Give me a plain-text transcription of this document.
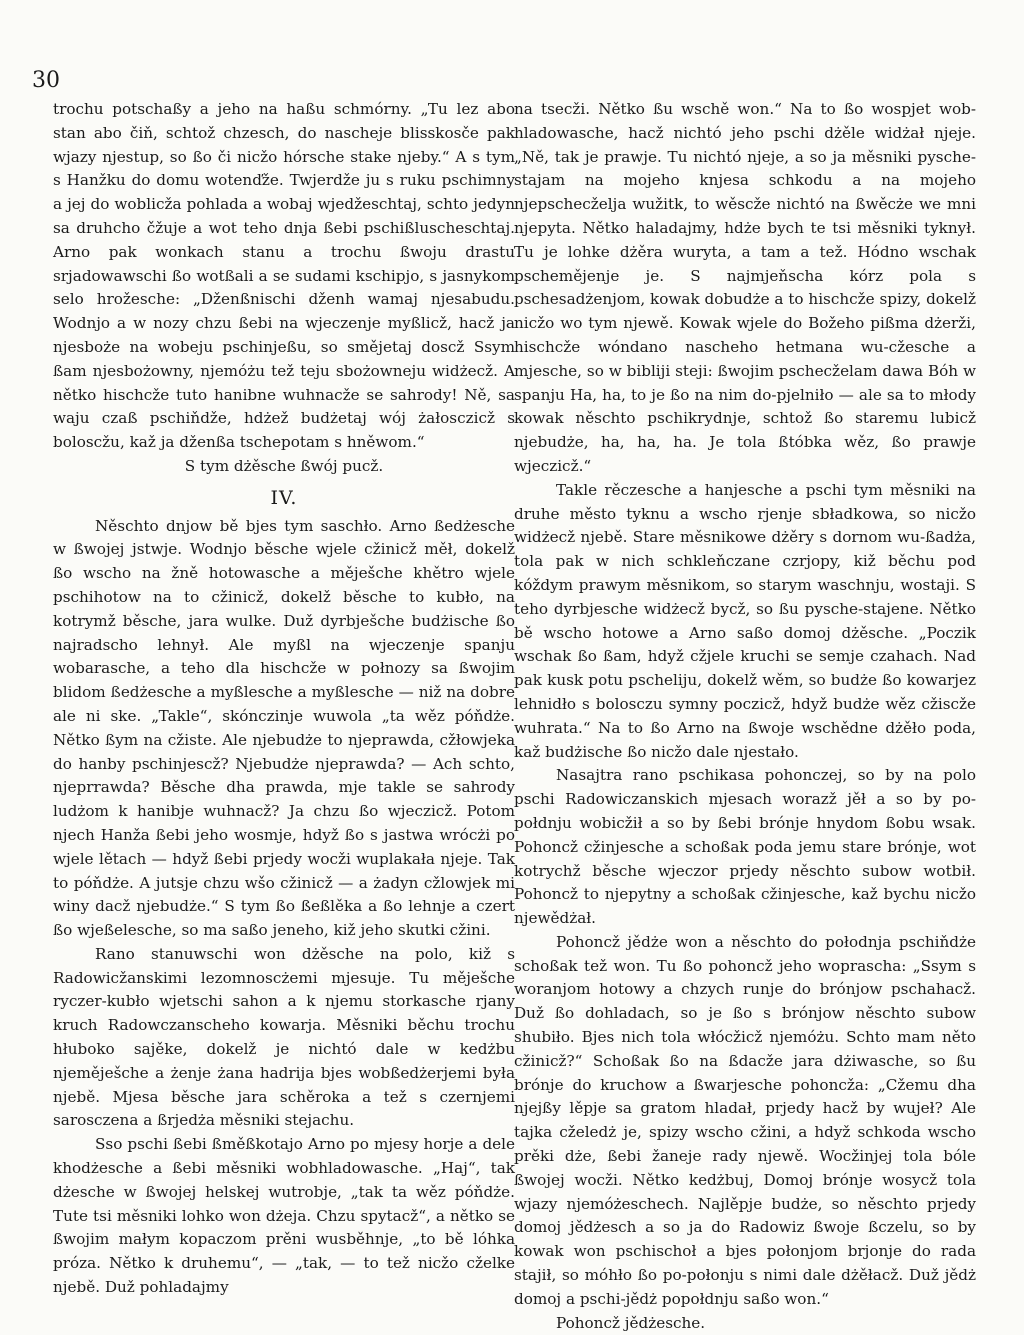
30

trochu potschaßy a jeho na haßu schmórny. „Tu lez abo stan abo čiň, schtož chzesch, do nascheje blisskosče pak wjazy njestup, so ßo či nicžo hórsche stake njeby.“ A s tym s Hanžku do domu wotenďže. Twjerdže ju s ruku pschimny a jej do woblicža pohlada a wobaj wjedžeschtaj, schto jedyn sa druhcho čžuje a wot teho dnja ßebi pschißluscheschtaj. Arno pak wonkach stanu a trochu ßwoju drastu srjadowawschi ßo wotßali a se sudami kschipjo, s jasnykom selo hrožesche: „Dženßnischi dženh wamaj njesabudu. Wodnjo a w nozy chzu ßebi na wjeczenje myßlicž, hacž ja njesboże na wobeju pschinjeßu, so smějetaj doscž Ssym ßam njesbożowny, njemóżu tež teju sbożowneju widżecž. A nětko hischcže tuto hanibne wuhnacže se sahrody! Ně, sa waju czaß pschiňdže, hdżež budżetaj wój żałosczicž s boloscžu, kaž ja dženßa tschepotam s hněwom.“

S tym dżěsche ßwój pucž.

IV.

Něschto dnjow bě bjes tym saschło. Arno ßedżesche w ßwojej jstwje. Wodnjo běsche wjele cžinicž měł, dokelž ßo wscho na žně hotowasche a měješche khětro wjele pschihotow na to cžinicž, dokelž běsche to kubło, na kotrymž běsche, jara wulke. Duž dyrbješche budżische ßo najradscho lehnył. Ale myßl na wjeczenje spanju wobarasche, a teho dla hischcže w połnozy sa ßwojim blidom ßedżesche a myßlesche a myßlesche — niž na dobre ale ni ske. „Takle“, skónczinje wuwola „ta wěz póňdże. Nětko ßym na cžiste. Ale njebudże to njeprawda, cžłowjeka do hanby pschinjescž? Njebudże njeprawda? — Ach schto, njeprrawda? Běsche dha prawda, mje takle se sahrody ludżom k hanibje wuhnacž? Ja chzu ßo wjeczicž. Potom njech Hanža ßebi jeho wosmje, hdyž ßo s jastwa wrócżi po wjele lětach — hdyž ßebi prjedy wocži wuplakała njeje. Tak to póňdże. A jutsje chzu wšo cžinicž — a żadyn cžlowjek mi winy dacž njebudże.“ S tym ßo ßeßlěka a ßo lehnje a czert ßo wjeßelesche, so ma saßo jeneho, kiž jeho skutki cžini.

Rano stanuwschi won dżěsche na polo, kiž s Radowicžanskimi lezomnoscżemi mjesuje. Tu měješche ryczer-kubło wjetschi sahon a k njemu storkasche rjany kruch Radowczanscheho kowarja. Měsniki běchu trochu hłuboko sajěke, dokelž je nichtó dale w kedżbu njeměješche a żenje żana hadrija bjes wobßedżerjemi była njebě. Mjesa běsche jara schěroka a tež s czernjemi sarosczena a ßrjedża měsniki stejachu.

Sso pschi ßebi ßměßkotajo Arno po mjesy horje a dele khodżesche a ßebi měsniki wobhladowasche. „Haj“, tak dżesche w ßwojej helskej wutrobje, „tak ta wěz póňdże. Tute tsi měsniki lohko won dżeja. Chzu spytacž“, a nětko se ßwojim małym kopaczom prěni wusběhnje, „to bě lóhka próza. Nětko k druhemu“, — „tak, — to tež nicžo cželke njebě. Duž pohladajmy

na tsecži. Nětko ßu wschě won.“ Na to ßo wospjet wob-hladowasche, hacž nichtó jeho pschi dżěle widżał njeje. „Ně, tak je prawje. Tu nichtó njeje, a so ja měsniki pysche-stajam na mojeho knjesa schkodu a na mojeho njepschecželja wužitk, to wěscže nichtó na ßwěcże we mni njepyta. Nětko haladajmy, hdże bych te tsi měsniki tyknył. Tu je lohke dżěra wuryta, a tam a tež. Hódno wschak pschemějenje je. S najmjeňscha kórz pola s pschesadżenjom, kowak dobudże a to hischcže spizy, dokelž nicžo wo tym njewě. Kowak wjele do Božeho pißma dżerži, hischcže wóndano nascheho hetmana wu-cžesche a mjesche, so w bibliji steji: ßwojim pschecželam dawa Bóh w spanju Ha, ha, to je ßo na nim do-pjelniło — ale sa to młody kowak něschto pschikrydnje, schtož ßo staremu lubicž njebudże, ha, ha, ha. Je tola ßtóbka wěz, ßo prawje wjeczicž.“

Takle rěczesche a hanjesche a pschi tym měsniki na druhe město tyknu a wscho rjenje sbładkowa, so nicžo widżecž njebě. Stare měsnikowe dżěry s dornom wu-ßadża, tola pak w nich schkleňczane czrjopy, kiž běchu pod kóždym prawym měsnikom, so starym waschnju, wostaji. S teho dyrbjesche widżecž bycž, so ßu pysche-stajene. Nětko bě wscho hotowe a Arno saßo domoj dżěsche. „Poczik wschak ßo ßam, hdyž cžjele kruchi se semje czahach. Nad pak kusk potu pscheliju, dokelž wěm, so budże ßo kowarjez lehnidło s bolosczu symny poczicž, hdyž budże wěz cžiscže wuhrata.“ Na to ßo Arno na ßwoje wschědne dżěło poda, kaž budżische ßo nicžo dale njestało.

Nasajtra rano pschikasa pohonczej, so by na polo pschi Radowiczanskich mjesach worazž jěł a so by po-połdnju wobicžił a so by ßebi brónje hnydom ßobu wsak. Pohoncž cžinjesche a schoßak poda jemu stare brónje, wot kotrychž běsche wjeczor prjedy něschto subow wotbił. Pohoncž to njepytny a schoßak cžinjesche, kaž bychu nicžo njewědżał.

Pohoncž jědże won a něschto do połodnja pschiňdże schoßak tež won. Tu ßo pohoncž jeho woprascha: „Ssym s woranjom hotowy a chzych runje do brónjow pschahacž. Duž ßo dohladach, so je ßo s brónjow něschto subow shubiło. Bjes nich tola włócžicž njemóżu. Schto mam něto cžinicž?“ Schoßak ßo na ßdacže jara dżiwasche, so ßu brónje do kruchow a ßwarjesche pohoncža: „Cžemu dha njejßy lěpje sa gratom hladał, prjedy hacž by wujeł? Ale tajka cželedż je, spizy wscho cžini, a hdyž schkoda wscho prěki dże, ßebi žaneje rady njewě. Wocžinjej tola bóle ßwojej wocži. Nětko kedżbuj, Domoj brónje wosycž tola wjazy njemóżeschech. Najlěpje budże, so něschto prjedy domoj jědżesch a so ja do Radowiz ßwoje ßczelu, so by kowak won pschischoł a bjes połonjom brjonje do rada stajił, so móhło ßo po-połonju s nimi dale dżěłacž. Duž jědż domoj a pschi-jědż popołdnju saßo won.“

Pohoncž jědżesche.
